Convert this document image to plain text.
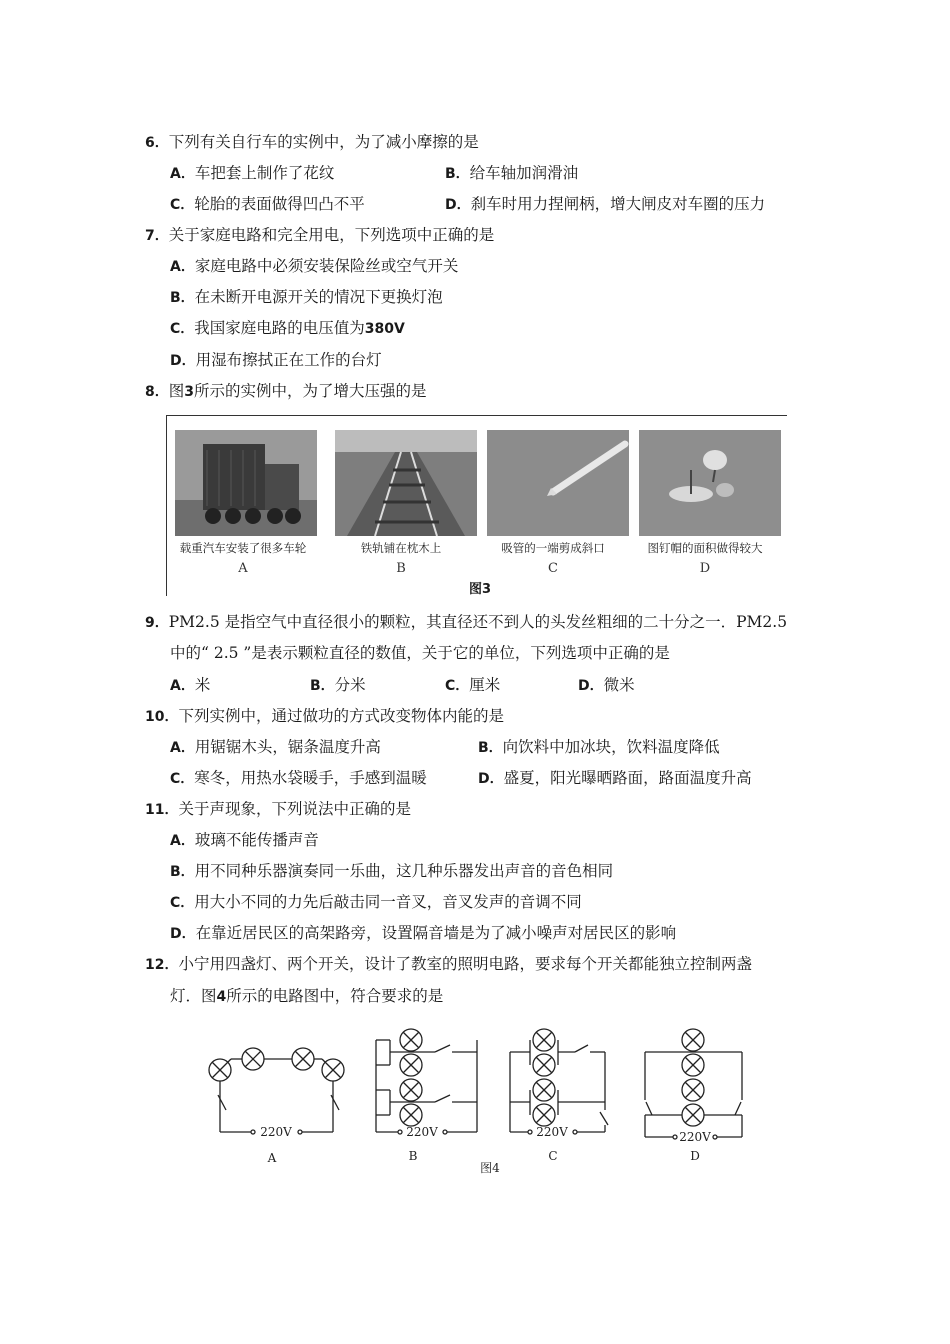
6．下列有关自行车的实例中，为了减小摩擦的是
A．车把套上制作了花纹	B．给车轴加润滑油
C．轮胎的表面做得凹凸不平	D．刹车时用力捏闸柄，增大闸皮对车圈的压力
7．关于家庭电路和完全用电，下列选项中正确的是
A．家庭电路中必须安装保险丝或空气开关
B．在未断开电源开关的情况下更换灯泡
C．我国家庭电路的电压值为380V
D．用湿布擦拭正在工作的台灯
8．图3所示的实例中，为了增大压强的是
载重汽车安装了很多车轮
A
铁轨铺在枕木上
B
吸管的一端剪成斜口
C
图钉帽的面积做得较大
D
图3
9．PM2.5 是指空气中直径很小的颗粒，其直径还不到人的头发丝粗细的二十分之一．PM2.5
中的“ 2.5 ”是表示颗粒直径的数值，关于它的单位，下列选项中正确的是
A．米	B．分米	C．厘米	D．微米
10．下列实例中，通过做功的方式改变物体内能的是
A．用锯锯木头，锯条温度升高	B．向饮料中加冰块，饮料温度降低
C．寒冬，用热水袋暖手，手感到温暖	D．盛夏，阳光曝晒路面，路面温度升高
11．关于声现象，下列说法中正确的是
A．玻璃不能传播声音
B．用不同种乐器演奏同一乐曲，这几种乐器发出声音的音色相同
C．用大小不同的力先后敲击同一音叉，音叉发声的音调不同
D．在靠近居民区的高架路旁，设置隔音墙是为了减小噪声对居民区的影响
12．小宁用四盏灯、两个开关，设计了教室的照明电路，要求每个开关都能独立控制两盏
灯．图4所示的电路图中，符合要求的是
220V	220V	220V	220V
A	B	C	D
图4
